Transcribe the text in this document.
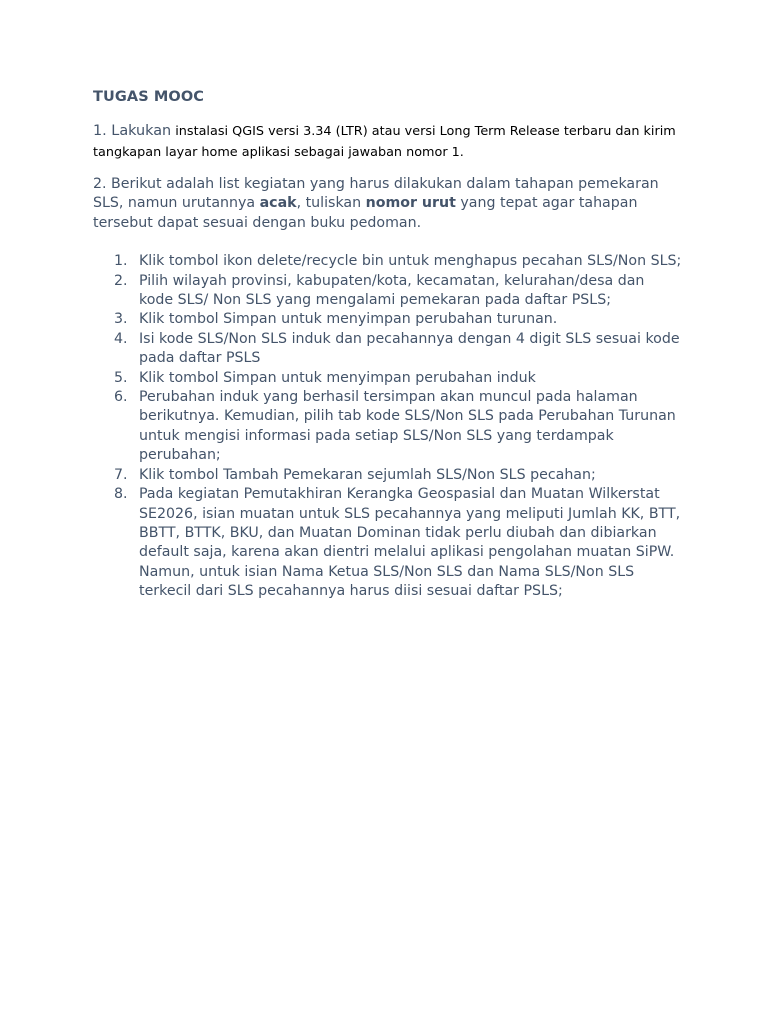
TUGAS MOOC

1. Lakukan instalasi QGIS versi 3.34 (LTR) atau versi Long Term Release terbaru dan kirim tangkapan layar home aplikasi sebagai jawaban nomor 1.

2. Berikut adalah list kegiatan yang harus dilakukan dalam tahapan pemekaran SLS, namun urutannya acak, tuliskan nomor urut yang tepat agar tahapan tersebut dapat sesuai dengan buku pedoman.

1. Klik tombol ikon delete/recycle bin untuk menghapus pecahan SLS/Non SLS;
2. Pilih wilayah provinsi, kabupaten/kota, kecamatan, kelurahan/desa dan kode SLS/ Non SLS yang mengalami pemekaran pada daftar PSLS;
3. Klik tombol Simpan untuk menyimpan perubahan turunan.
4. Isi kode SLS/Non SLS induk dan pecahannya dengan 4 digit SLS sesuai kode pada daftar PSLS
5. Klik tombol Simpan untuk menyimpan perubahan induk
6. Perubahan induk yang berhasil tersimpan akan muncul pada halaman berikutnya. Kemudian, pilih tab kode SLS/Non SLS pada Perubahan Turunan untuk mengisi informasi pada setiap SLS/Non SLS yang terdampak perubahan;
7. Klik tombol Tambah Pemekaran sejumlah SLS/Non SLS pecahan;
8. Pada kegiatan Pemutakhiran Kerangka Geospasial dan Muatan Wilkerstat SE2026, isian muatan untuk SLS pecahannya yang meliputi Jumlah KK, BTT, BBTT, BTTK, BKU, dan Muatan Dominan tidak perlu diubah dan dibiarkan default saja, karena akan dientri melalui aplikasi pengolahan muatan SiPW. Namun, untuk isian Nama Ketua SLS/Non SLS dan Nama SLS/Non SLS terkecil dari SLS pecahannya harus diisi sesuai daftar PSLS;
